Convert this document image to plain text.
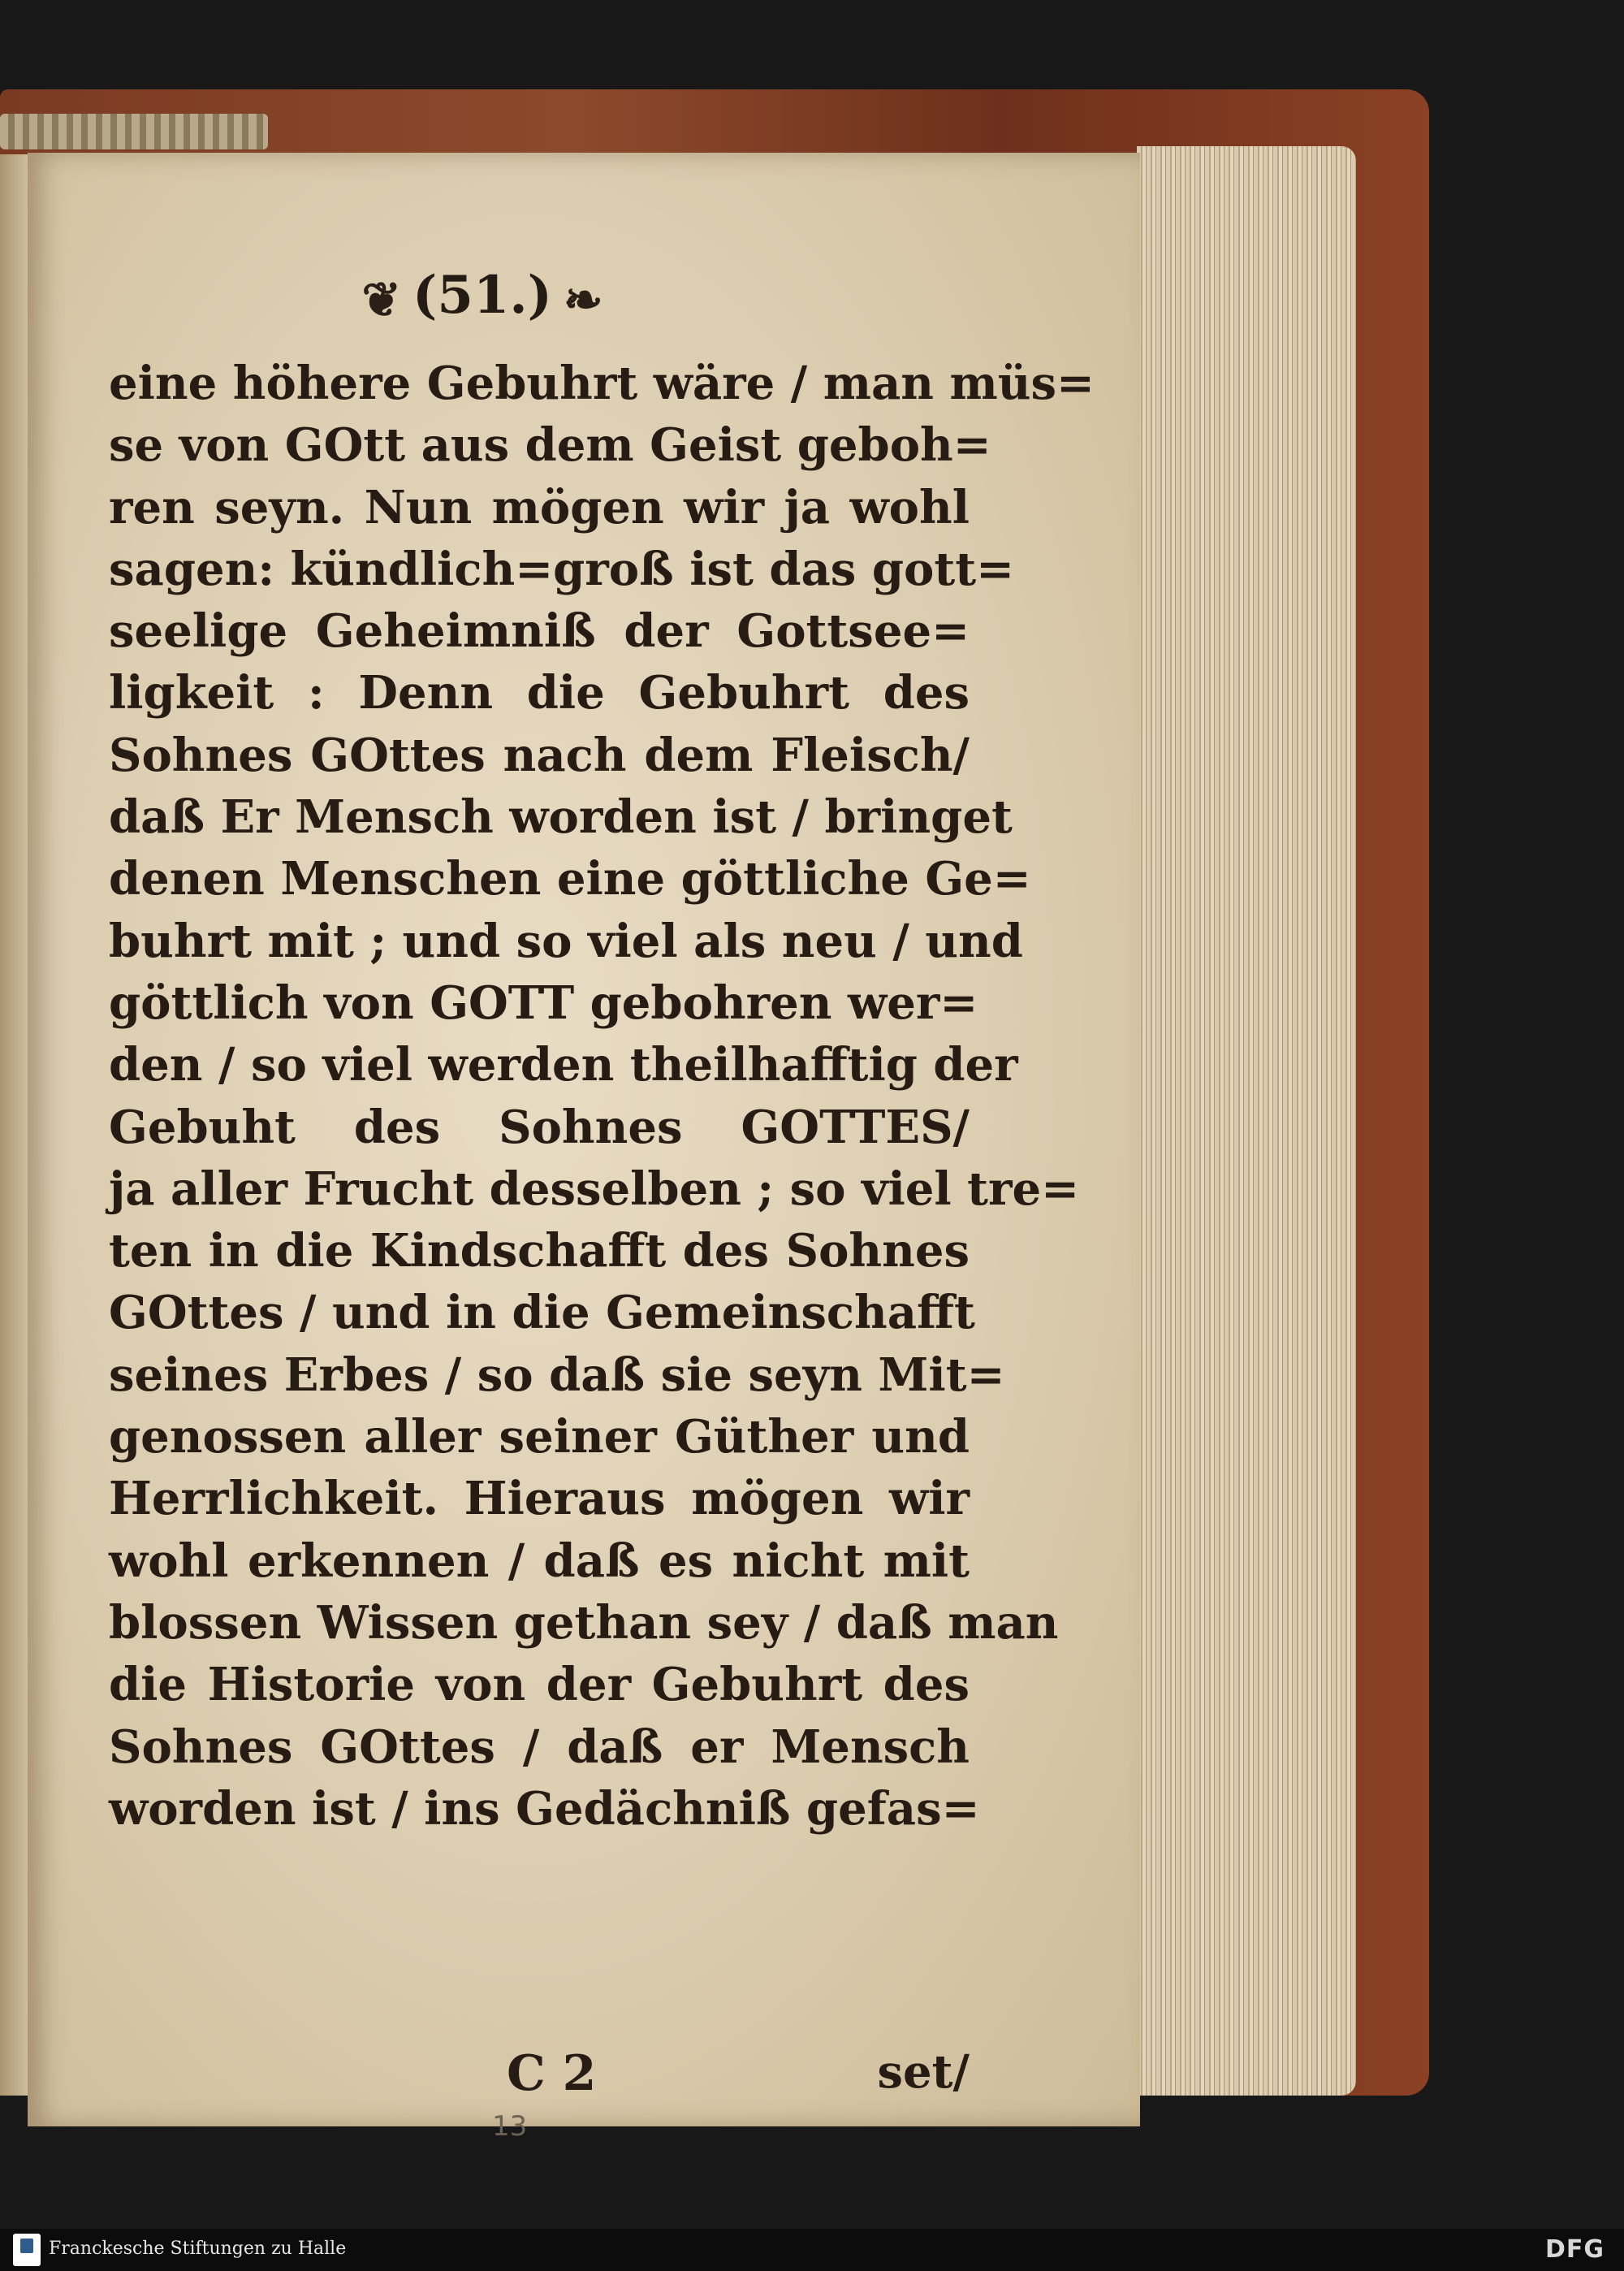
❦ (51.) ❧
eine höhere Gebuhrt wäre / man müs=
se von GOtt aus dem Geist geboh=
ren seyn. Nun mögen wir ja wohl
sagen: kündlich=groß ist das gott=
seelige Geheimniß der Gottsee=
ligkeit : Denn die Gebuhrt des
Sohnes GOttes nach dem Fleisch/
daß Er Mensch worden ist / bringet
denen Menschen eine göttliche Ge=
buhrt mit ; und so viel als neu / und
göttlich von GOTT gebohren wer=
den / so viel werden theilhafftig der
Gebuht des Sohnes GOTTES/
ja aller Frucht desselben ; so viel tre=
ten in die Kindschafft des Sohnes
GOttes / und in die Gemeinschafft
seines Erbes / so daß sie seyn Mit=
genossen aller seiner Güther und
Herrlichkeit. Hieraus mögen wir
wohl erkennen / daß es nicht mit
blossen Wissen gethan sey / daß man
die Historie von der Gebuhrt des
Sohnes GOttes / daß er Mensch
worden ist / ins Gedächniß gefas=
C 2	set/
13
Franckesche Stiftungen zu Halle	DFG
